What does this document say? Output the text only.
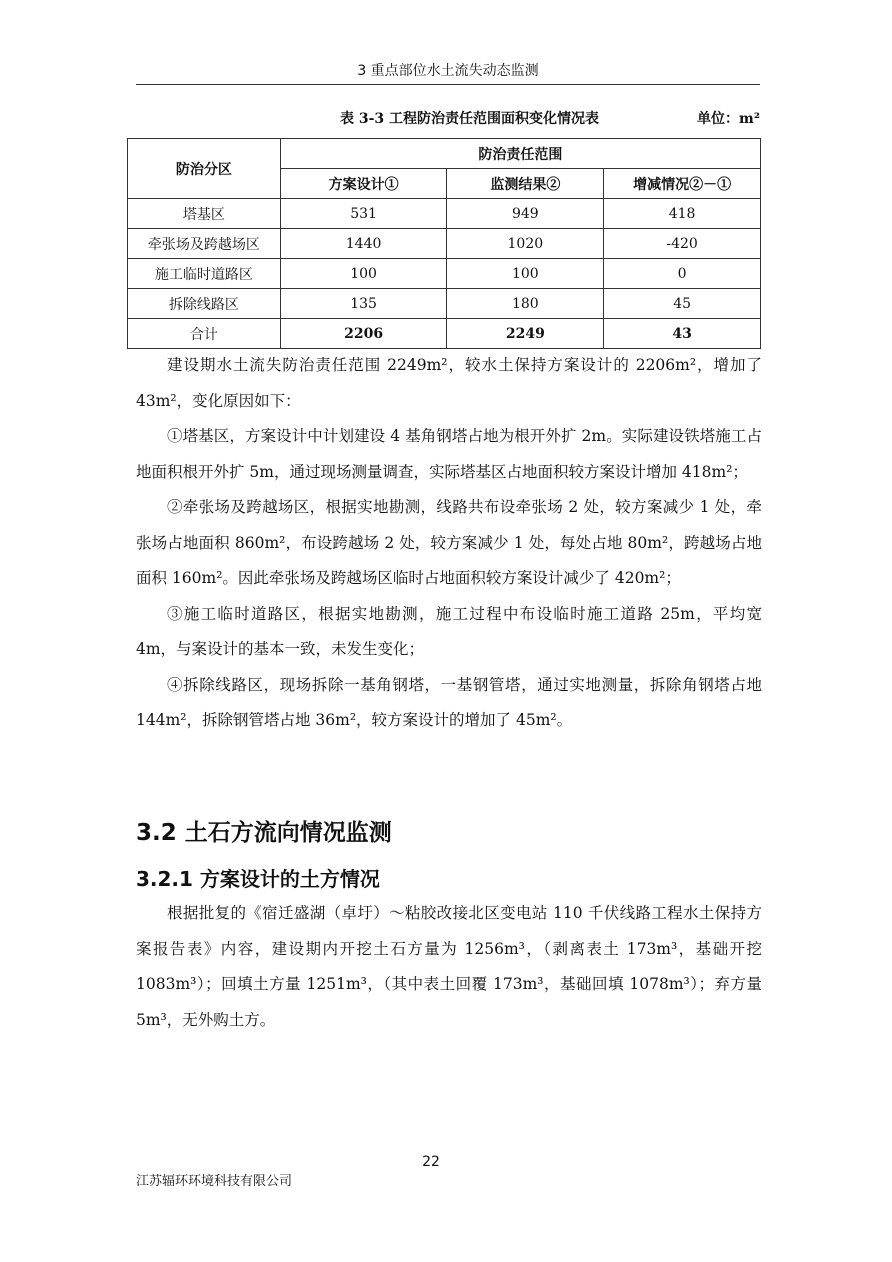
3 重点部位水土流失动态监测
表 3-3 工程防治责任范围面积变化情况表	单位：m²
防治分区	防治责任范围		
	方案设计①	监测结果②	增减情况②－①
塔基区	531	949	418
牵张场及跨越场区	1440	1020	-420
施工临时道路区	100	100	0
拆除线路区	135	180	45
合计	2206	2249	43

建设期水土流失防治责任范围 2249m²，较水土保持方案设计的 2206m²，增加了 43m²，变化原因如下：

①塔基区，方案设计中计划建设 4 基角钢塔占地为根开外扩 2m。实际建设铁塔施工占地面积根开外扩 5m，通过现场测量调查，实际塔基区占地面积较方案设计增加 418m²；

②牵张场及跨越场区，根据实地勘测，线路共布设牵张场 2 处，较方案减少 1 处，牵张场占地面积 860m²，布设跨越场 2 处，较方案减少 1 处，每处占地 80m²，跨越场占地面积 160m²。因此牵张场及跨越场区临时占地面积较方案设计减少了 420m²；

③施工临时道路区，根据实地勘测，施工过程中布设临时施工道路 25m，平均宽 4m，与案设计的基本一致，未发生变化；

④拆除线路区，现场拆除一基角钢塔，一基钢管塔，通过实地测量，拆除角钢塔占地 144m²，拆除钢管塔占地 36m²，较方案设计的增加了 45m²。

3.2 土石方流向情况监测
3.2.1 方案设计的土方情况

根据批复的《宿迁盛湖（卓圩）～粘胶改接北区变电站 110 千伏线路工程水土保持方案报告表》内容，建设期内开挖土石方量为 1256m³，（剥离表土 173m³，基础开挖 1083m³）；回填土方量 1251m³，（其中表土回覆 173m³，基础回填 1078m³）；弃方量 5m³，无外购土方。

22
江苏辐环环境科技有限公司
